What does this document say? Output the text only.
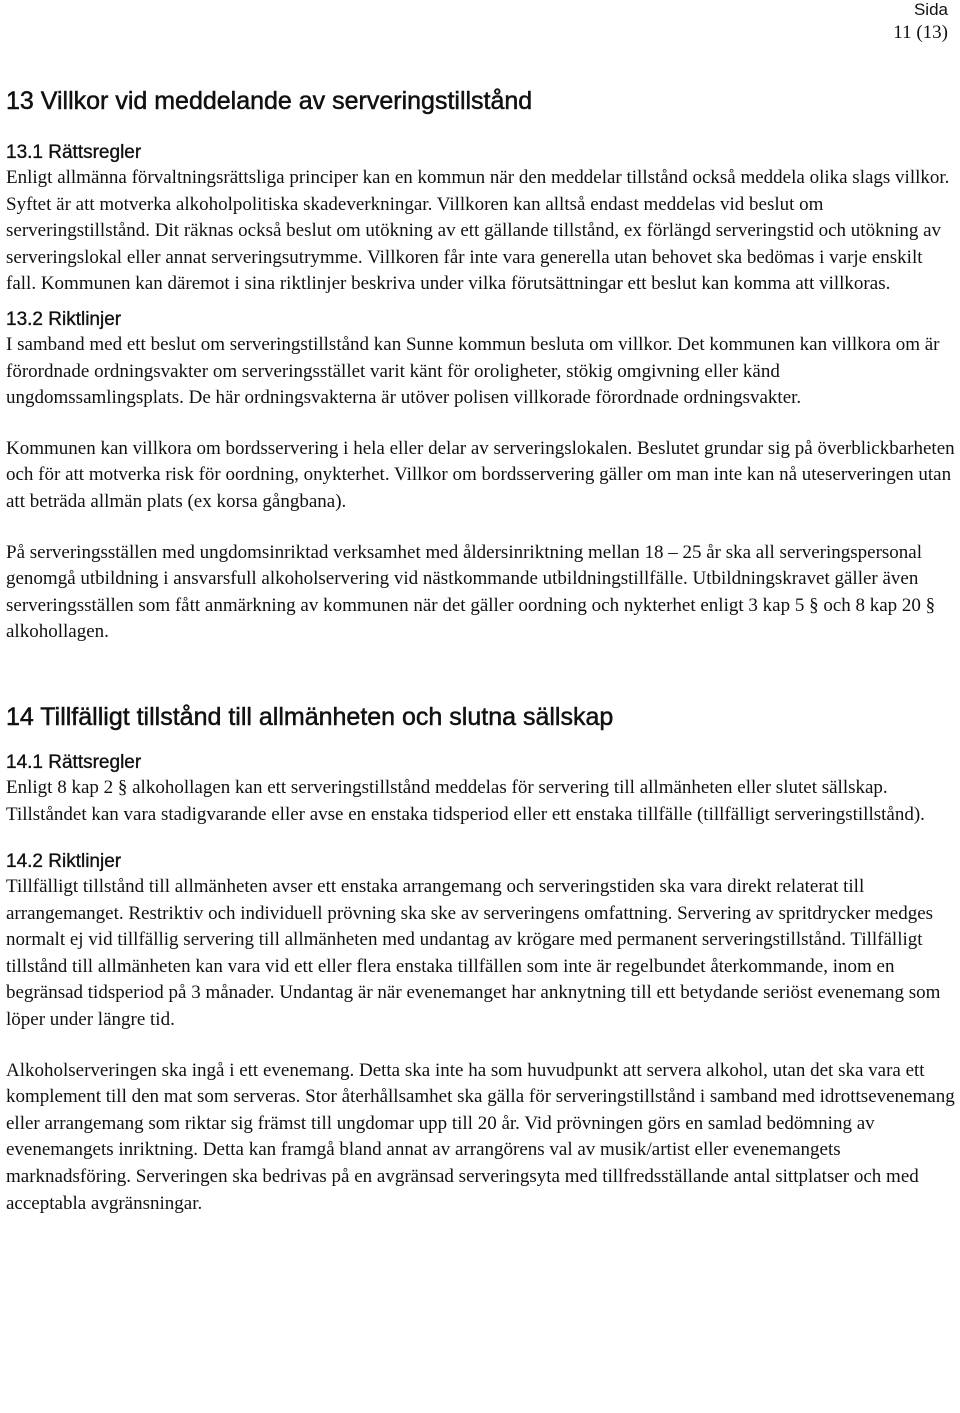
Sida
11 (13)
13 Villkor vid meddelande av serveringstillstånd
13.1 Rättsregler

Enligt allmänna förvaltningsrättsliga principer kan en kommun när den meddelar tillstånd också meddela olika slags villkor. Syftet är att motverka alkoholpolitiska skadeverkningar. Villkoren kan alltså endast meddelas vid beslut om serveringstillstånd. Dit räknas också beslut om utökning av ett gällande tillstånd, ex förlängd serveringstid och utökning av serveringslokal eller annat serveringsutrymme. Villkoren får inte vara generella utan behovet ska bedömas i varje enskilt fall. Kommunen kan däremot i sina riktlinjer beskriva under vilka förutsättningar ett beslut kan komma att villkoras.

13.2 Riktlinjer

I samband med ett beslut om serveringstillstånd kan Sunne kommun besluta om villkor. Det kommunen kan villkora om är förordnade ordningsvakter om serveringsstället varit känt för oroligheter, stökig omgivning eller känd ungdomssamlingsplats. De här ordningsvakterna är utöver polisen villkorade förordnade ordningsvakter.

Kommunen kan villkora om bordsservering i hela eller delar av serveringslokalen. Beslutet grundar sig på överblickbarheten och för att motverka risk för oordning, onykterhet. Villkor om bordsservering gäller om man inte kan nå uteserveringen utan att beträda allmän plats (ex korsa gångbana).

På serveringsställen med ungdomsinriktad verksamhet med åldersinriktning mellan 18 – 25 år ska all serveringspersonal genomgå utbildning i ansvarsfull alkoholservering vid nästkommande utbildningstillfälle. Utbildningskravet gäller även serveringsställen som fått anmärkning av kommunen när det gäller oordning och nykterhet enligt 3 kap 5 § och 8 kap 20 § alkohollagen.

14 Tillfälligt tillstånd till allmänheten och slutna sällskap
14.1 Rättsregler

Enligt 8 kap 2 § alkohollagen kan ett serveringstillstånd meddelas för servering till allmänheten eller slutet sällskap. Tillståndet kan vara stadigvarande eller avse en enstaka tidsperiod eller ett enstaka tillfälle (tillfälligt serveringstillstånd).

14.2 Riktlinjer

Tillfälligt tillstånd till allmänheten avser ett enstaka arrangemang och serveringstiden ska vara direkt relaterat till arrangemanget. Restriktiv och individuell prövning ska ske av serveringens omfattning. Servering av spritdrycker medges normalt ej vid tillfällig servering till allmänheten med undantag av krögare med permanent serveringstillstånd. Tillfälligt tillstånd till allmänheten kan vara vid ett eller flera enstaka tillfällen som inte är regelbundet återkommande, inom en begränsad tidsperiod på 3 månader. Undantag är när evenemanget har anknytning till ett betydande seriöst evenemang som löper under längre tid.

Alkoholserveringen ska ingå i ett evenemang. Detta ska inte ha som huvudpunkt att servera alkohol, utan det ska vara ett komplement till den mat som serveras. Stor återhållsamhet ska gälla för serveringstillstånd i samband med idrottsevenemang eller arrangemang som riktar sig främst till ungdomar upp till 20 år. Vid prövningen görs en samlad bedömning av evenemangets inriktning. Detta kan framgå bland annat av arrangörens val av musik/artist eller evenemangets marknadsföring. Serveringen ska bedrivas på en avgränsad serveringsyta med tillfredsställande antal sittplatser och med acceptabla avgränsningar.
